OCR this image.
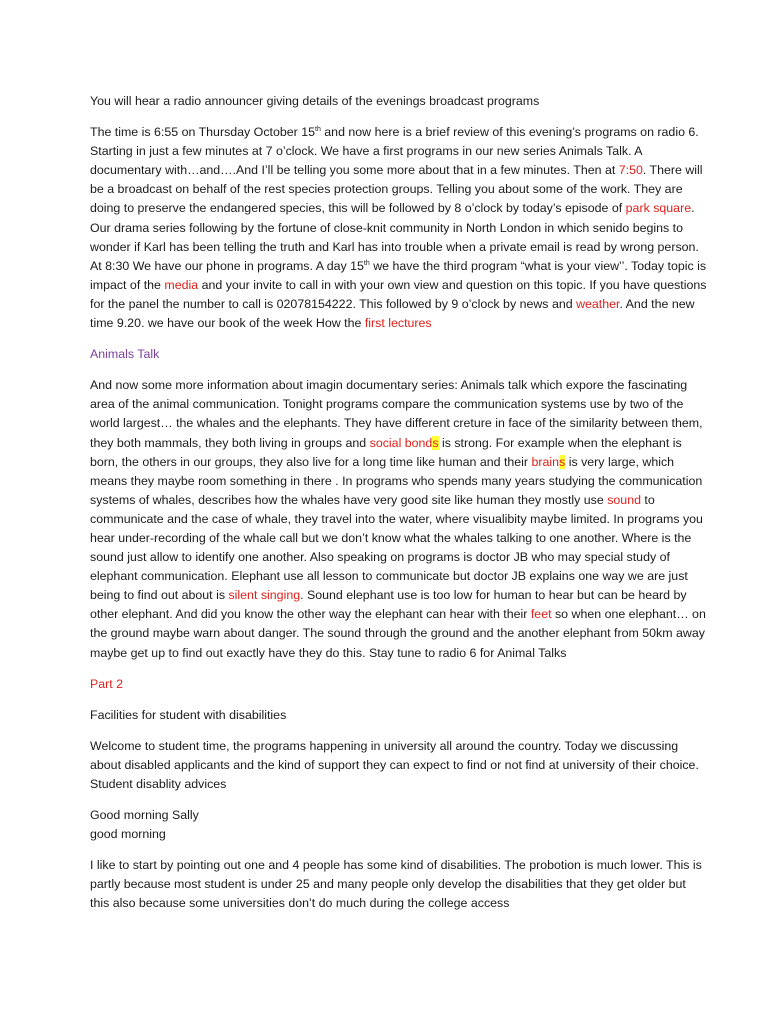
You will hear a radio announcer giving details of the evenings broadcast programs

The time is 6:55 on Thursday October 15th and now here is a brief review of this evening’s programs on radio 6. Starting in just a few minutes at 7 o’clock. We have a first programs in our new series Animals Talk. A documentary with…and….And I’ll be telling you some more about that in a few minutes. Then at 7:50. There will be a broadcast on behalf of the rest species protection groups. Telling you about some of the work. They are doing to preserve the endangered species, this will be followed by 8 o’clock by today’s episode of park square. Our drama series following by the fortune of close-knit community in North London in which senido begins to wonder if Karl has been telling the truth and Karl has into trouble when a private email is read by wrong person. At 8:30 We have our phone in programs. A day 15th we have the third program “what is your view’’. Today topic is impact of the media and your invite to call in with your own view and question on this topic. If you have questions for the panel the number to call is 02078154222. This followed by 9 o’clock by news and weather. And the new time 9.20. we have our book of the week How the first lectures

Animals Talk

And now some more information about imagin documentary series: Animals talk which expore the fascinating area of the animal communication. Tonight programs compare the communication systems use by two of the world largest… the whales and the elephants. They have different creture in face of the similarity between them, they both mammals, they both living in groups and social bonds is strong. For example when the elephant is born, the others in our groups, they also live for a long time like human and their brains is very large, which means they maybe room something in there . In programs who spends many years studying the communication systems of whales, describes how the whales have very good site like human they mostly use sound to communicate and the case of whale, they travel into the water, where visualibity maybe limited. In programs you hear under-recording of the whale call but we don’t know what the whales talking to one another. Where is the sound just allow to identify one another. Also speaking on programs is doctor JB who may special study of elephant communication. Elephant use all lesson to communicate but doctor JB explains one way we are just being to find out about is silent singing. Sound elephant use is too low for human to hear but can be heard by other elephant. And did you know the other way the elephant can hear with their feet so when one elephant… on the ground maybe warn about danger. The sound through the ground and the another elephant from 50km away maybe get up to find out exactly have they do this. Stay tune to radio 6 for Animal Talks

Part 2

Facilities for student with disabilities

Welcome to student time, the programs happening in university all around the country. Today we discussing about disabled applicants and the kind of support they can expect to find or not find at university of their choice. Student disablity advices

Good morning Sally
good morning

I like to start by pointing out one and 4 people has some kind of disabilities. The probotion is much lower. This is partly because most student is under 25 and many people only develop the disabilities that they get older but this also because some universities don’t do much during the college access
